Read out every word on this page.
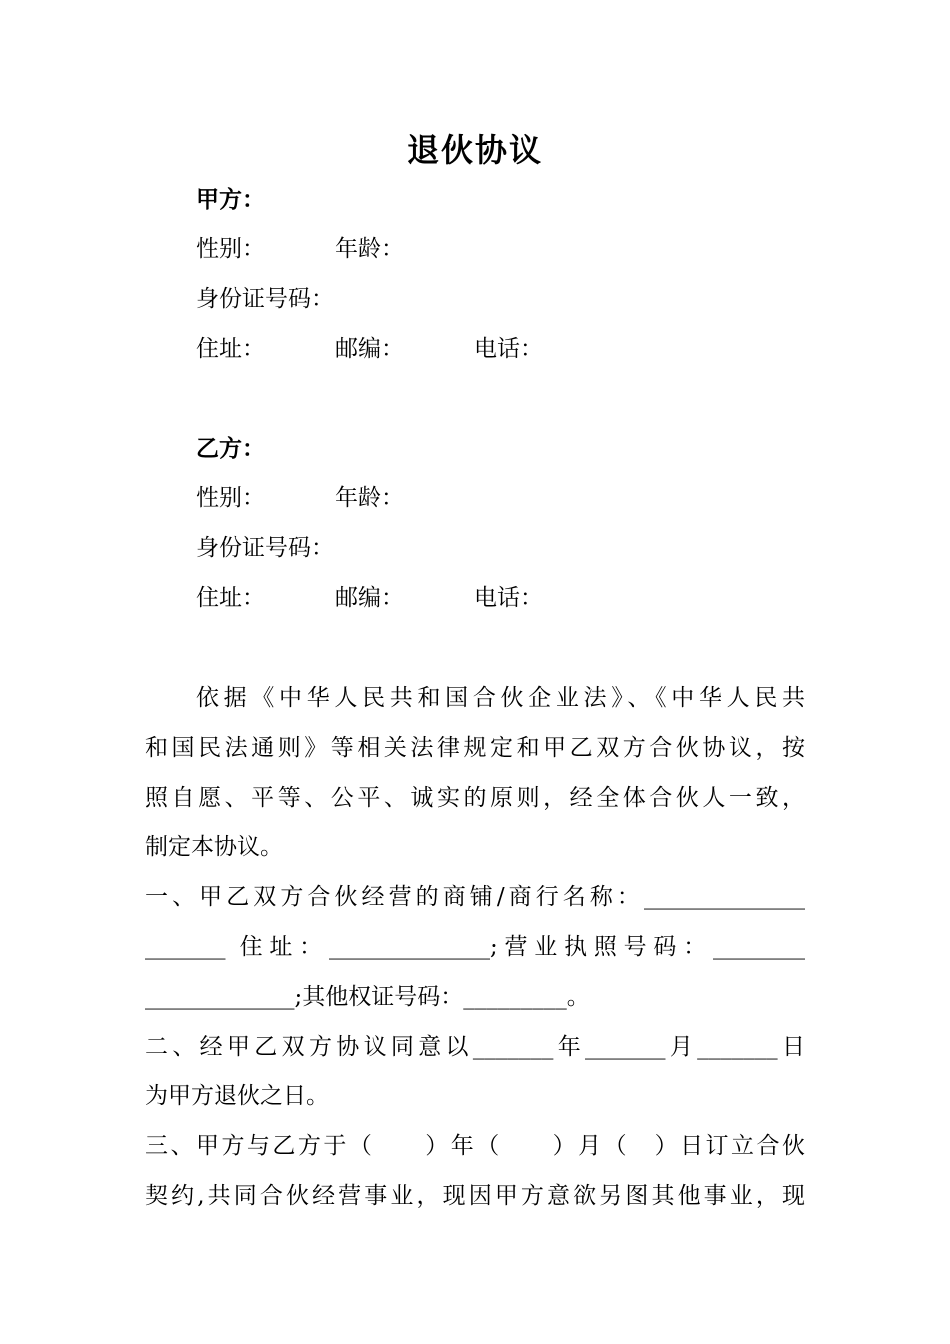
退伙协议
甲方：
性别：	年龄：
身份证号码：
住址：	邮编：	电话：
乙方：
性别：	年龄：
身份证号码：
住址：	邮编：	电话：
依据《中华人民共和国合伙企业法》、《中华人民共
和国民法通则》等相关法律规定和甲乙双方合伙协议，按
照自愿、平等、公平、诚实的原则，经全体合伙人一致，
制定本协议。
一、甲乙双方合伙经营的商铺/商行名称：______________
_______ 住址：______________;营业执照号码：________
_____________;其他权证号码：_________。
二、经甲乙双方协议同意以_______年_______月_______日
为甲方退伙之日。
三、甲方与乙方于（　　）年（　　）月（　）日订立合伙
契约,共同合伙经营事业，现因甲方意欲另图其他事业，现
